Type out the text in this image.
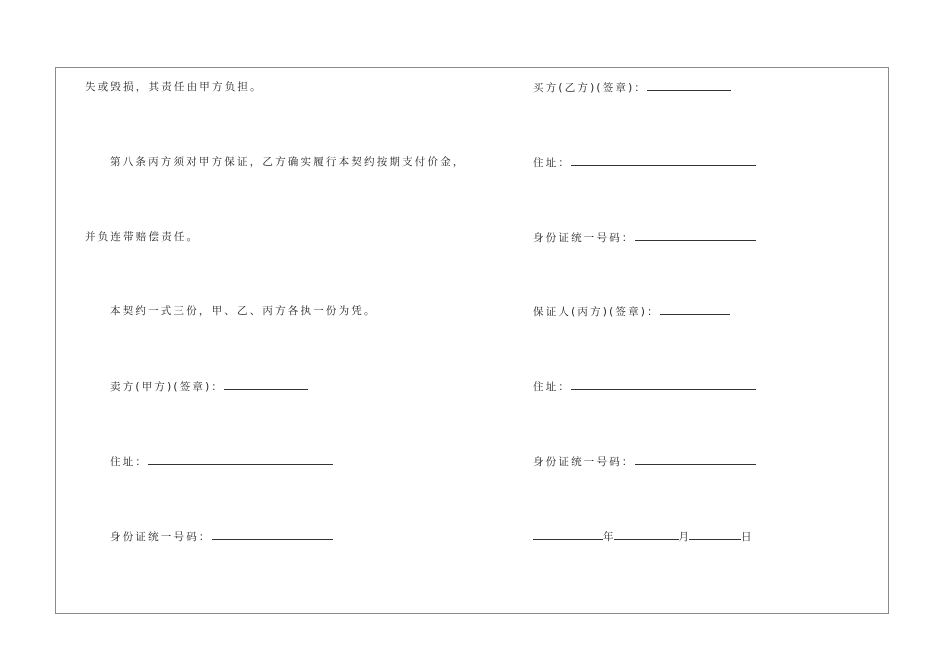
失或毁损，其责任由甲方负担。
第八条丙方须对甲方保证，乙方确实履行本契约按期支付价金，
并负连带赔偿责任。
本契约一式三份，甲、乙、丙方各执一份为凭。
卖方(甲方)(签章)：
住址：
身份证统一号码：
买方(乙方)(签章)：
住址：
身份证统一号码：
保证人(丙方)(签章)：
住址：
身份证统一号码：
年	月	日
